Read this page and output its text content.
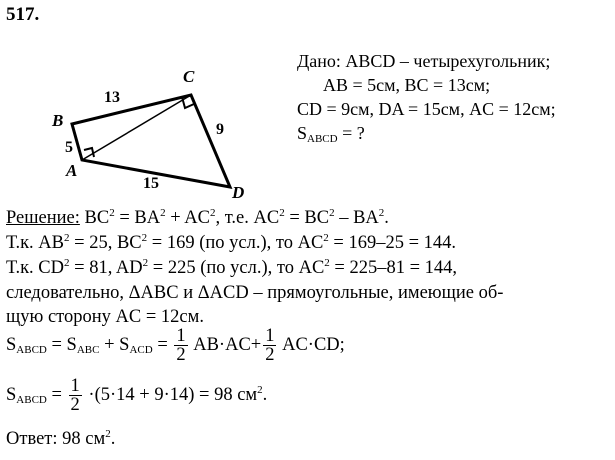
517.
B
C
A
D
13
5
9
15
Дано: ABCD – четырехугольник;
AB = 5см, BC = 13см;
CD = 9см, DA = 15см, AC = 12см;
$S_{ABCD}$ = ?
Решение: $BC^2 = BA^2 + AC^2$, т.е. $AC^2 = BC^2 - BA^2$.
Т.к. $AB^2 = 25$, $BC^2 = 169$ (по усл.), то $AC^2 = 169-25 = 144$.
Т.к. $CD^2 = 81$, $AD^2 = 225$ (по усл.), то $AC^2 = 225-81 = 144$,
следовательно, ΔABC и ΔACD – прямоугольные, имеющие об-
щую сторону AC = 12см.
$S_{ABCD} = S_{ABC} + S_{ACD} = \frac{1}{2} AB\cdot AC+ \frac{1}{2} AC\cdot CD$;
$S_{ABCD} = \frac{1}{2} \cdot(5\cdot 14 + 9\cdot 14) = 98$ $см^2$.
Ответ: 98 $см^2$.
